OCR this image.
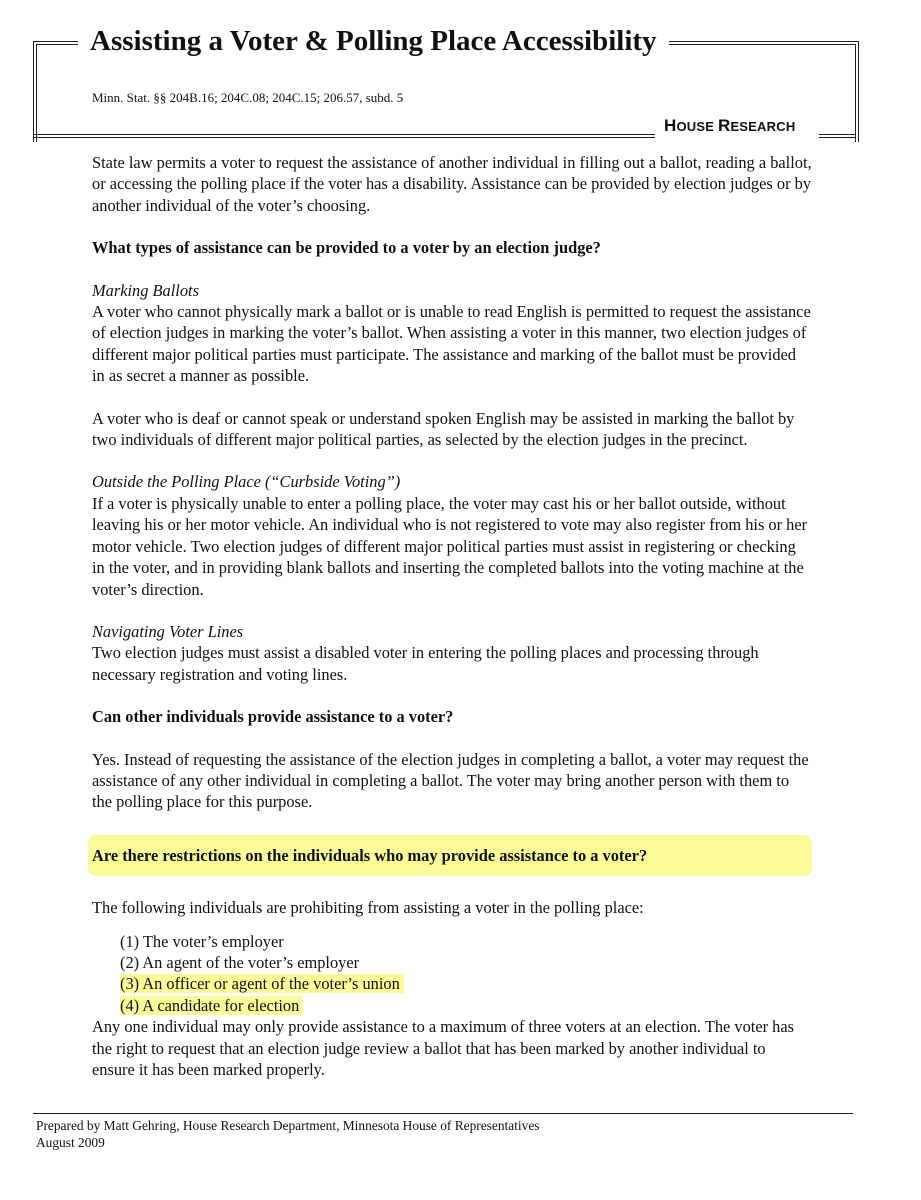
Assisting a Voter & Polling Place Accessibility
Minn. Stat. §§ 204B.16; 204C.08; 204C.15; 206.57, subd. 5
HOUSE RESEARCH

State law permits a voter to request the assistance of another individual in filling out a ballot, reading a ballot, or accessing the polling place if the voter has a disability. Assistance can be provided by election judges or by another individual of the voter’s choosing.

What types of assistance can be provided to a voter by an election judge?

Marking Ballots

A voter who cannot physically mark a ballot or is unable to read English is permitted to request the assistance of election judges in marking the voter’s ballot. When assisting a voter in this manner, two election judges of different major political parties must participate. The assistance and marking of the ballot must be provided in as secret a manner as possible.

A voter who is deaf or cannot speak or understand spoken English may be assisted in marking the ballot by two individuals of different major political parties, as selected by the election judges in the precinct.

Outside the Polling Place (“Curbside Voting”)

If a voter is physically unable to enter a polling place, the voter may cast his or her ballot outside, without leaving his or her motor vehicle. An individual who is not registered to vote may also register from his or her motor vehicle. Two election judges of different major political parties must assist in registering or checking in the voter, and in providing blank ballots and inserting the completed ballots into the voting machine at the voter’s direction.

Navigating Voter Lines

Two election judges must assist a disabled voter in entering the polling places and processing through necessary registration and voting lines.

Can other individuals provide assistance to a voter?

Yes. Instead of requesting the assistance of the election judges in completing a ballot, a voter may request the assistance of any other individual in completing a ballot. The voter may bring another person with them to the polling place for this purpose.

Are there restrictions on the individuals who may provide assistance to a voter?

The following individuals are prohibiting from assisting a voter in the polling place:

(1) The voter’s employer
(2) An agent of the voter’s employer
(3) An officer or agent of the voter’s union
(4) A candidate for election

Any one individual may only provide assistance to a maximum of three voters at an election. The voter has the right to request that an election judge review a ballot that has been marked by another individual to ensure it has been marked properly.

Prepared by Matt Gehring, House Research Department, Minnesota House of Representatives

August 2009
